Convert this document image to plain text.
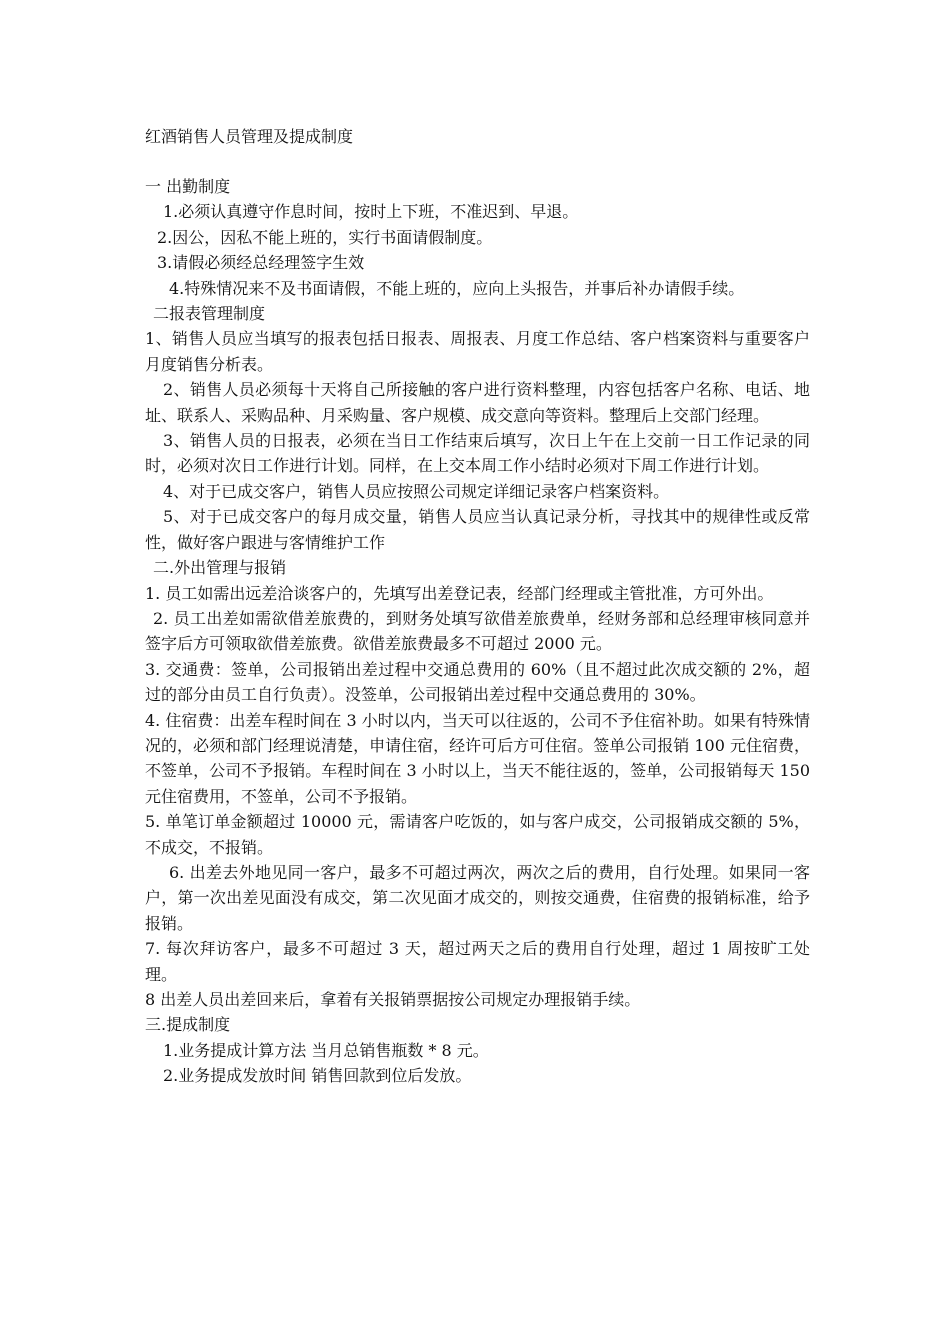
红酒销售人员管理及提成制度

一 出勤制度

1.必须认真遵守作息时间，按时上下班，不准迟到、早退。

2.因公，因私不能上班的，实行书面请假制度。

3.请假必须经总经理签字生效

4.特殊情况来不及书面请假，不能上班的，应向上头报告，并事后补办请假手续。

二报表管理制度

1、销售人员应当填写的报表包括日报表、周报表、月度工作总结、客户档案资料与重要客户月度销售分析表。

2、销售人员必须每十天将自己所接触的客户进行资料整理，内容包括客户名称、电话、地址、联系人、采购品种、月采购量、客户规模、成交意向等资料。整理后上交部门经理。

3、销售人员的日报表，必须在当日工作结束后填写，次日上午在上交前一日工作记录的同时，必须对次日工作进行计划。同样，在上交本周工作小结时必须对下周工作进行计划。

4、对于已成交客户，销售人员应按照公司规定详细记录客户档案资料。

5、对于已成交客户的每月成交量，销售人员应当认真记录分析，寻找其中的规律性或反常性，做好客户跟进与客情维护工作

二.外出管理与报销

1. 员工如需出远差洽谈客户的，先填写出差登记表，经部门经理或主管批准，方可外出。

2. 员工出差如需欲借差旅费的，到财务处填写欲借差旅费单，经财务部和总经理审核同意并签字后方可领取欲借差旅费。欲借差旅费最多不可超过 2000 元。

3. 交通费：签单，公司报销出差过程中交通总费用的 60%（且不超过此次成交额的 2%，超过的部分由员工自行负责）。没签单，公司报销出差过程中交通总费用的 30%。

4. 住宿费：出差车程时间在 3 小时以内，当天可以往返的，公司不予住宿补助。如果有特殊情况的，必须和部门经理说清楚，申请住宿，经许可后方可住宿。签单公司报销 100 元住宿费，不签单，公司不予报销。车程时间在 3 小时以上，当天不能往返的，签单，公司报销每天 150 元住宿费用，不签单，公司不予报销。

5. 单笔订单金额超过 10000 元，需请客户吃饭的，如与客户成交，公司报销成交额的 5%，不成交，不报销。

6. 出差去外地见同一客户，最多不可超过两次，两次之后的费用，自行处理。如果同一客户，第一次出差见面没有成交，第二次见面才成交的，则按交通费，住宿费的报销标准，给予报销。

7. 每次拜访客户，最多不可超过 3 天，超过两天之后的费用自行处理，超过 1 周按旷工处理。

8 出差人员出差回来后，拿着有关报销票据按公司规定办理报销手续。

三.提成制度

1.业务提成计算方法 当月总销售瓶数 * 8 元。

2.业务提成发放时间 销售回款到位后发放。
